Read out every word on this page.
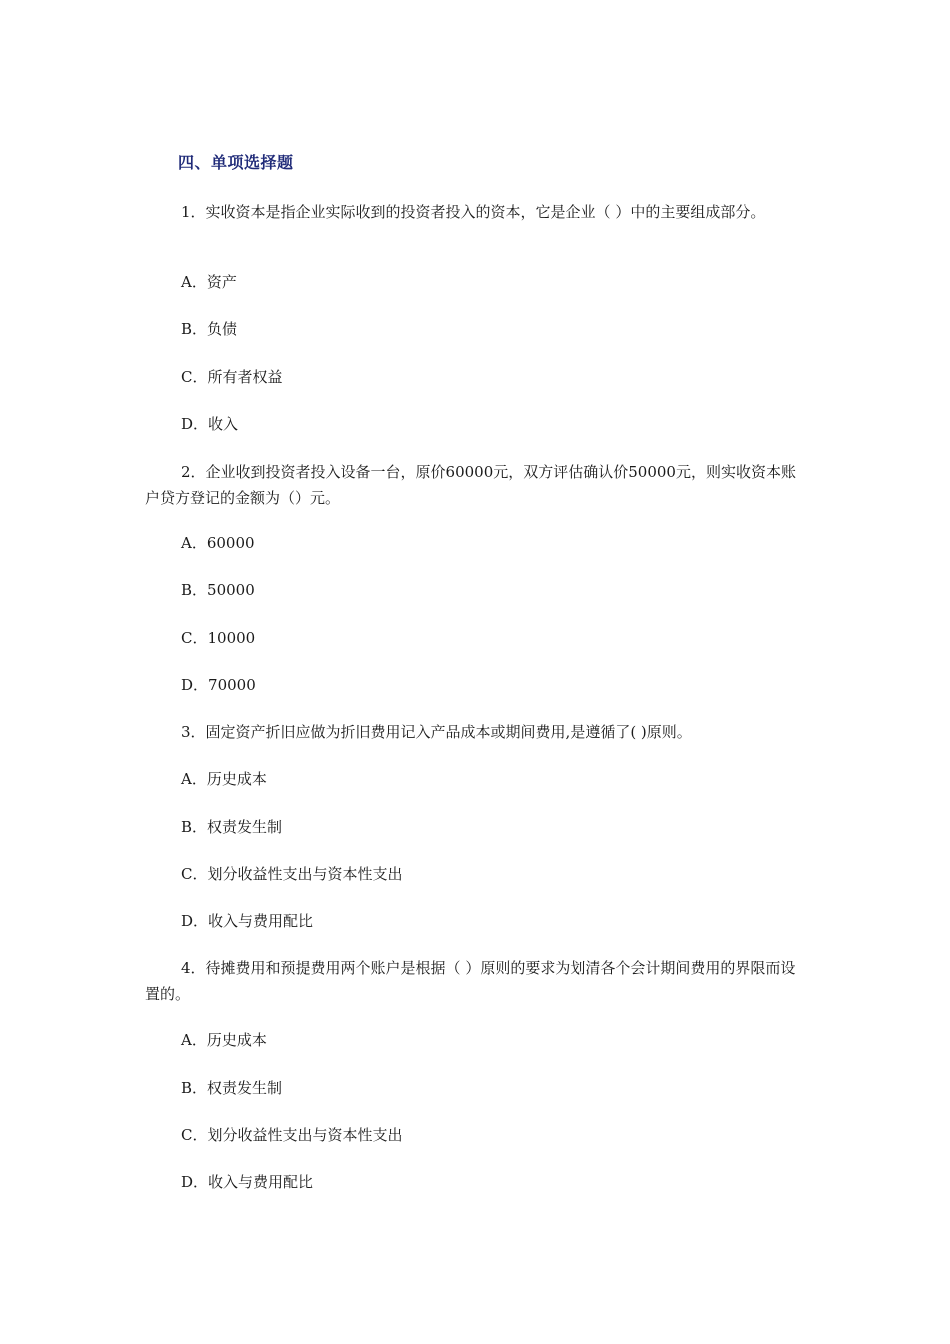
四、单项选择题

1．实收资本是指企业实际收到的投资者投入的资本，它是企业（ ）中的主要组成部分。

A．资产

B．负债

C．所有者权益

D．收入

2．企业收到投资者投入设备一台，原价60000元，双方评估确认价50000元，则实收资本账户贷方登记的金额为（）元。

A．60000

B．50000

C．10000

D．70000

3．固定资产折旧应做为折旧费用记入产品成本或期间费用,是遵循了( )原则。

A．历史成本

B．权责发生制

C．划分收益性支出与资本性支出

D．收入与费用配比

4．待摊费用和预提费用两个账户是根据（ ）原则的要求为划清各个会计期间费用的界限而设置的。

A．历史成本

B．权责发生制

C．划分收益性支出与资本性支出

D．收入与费用配比
